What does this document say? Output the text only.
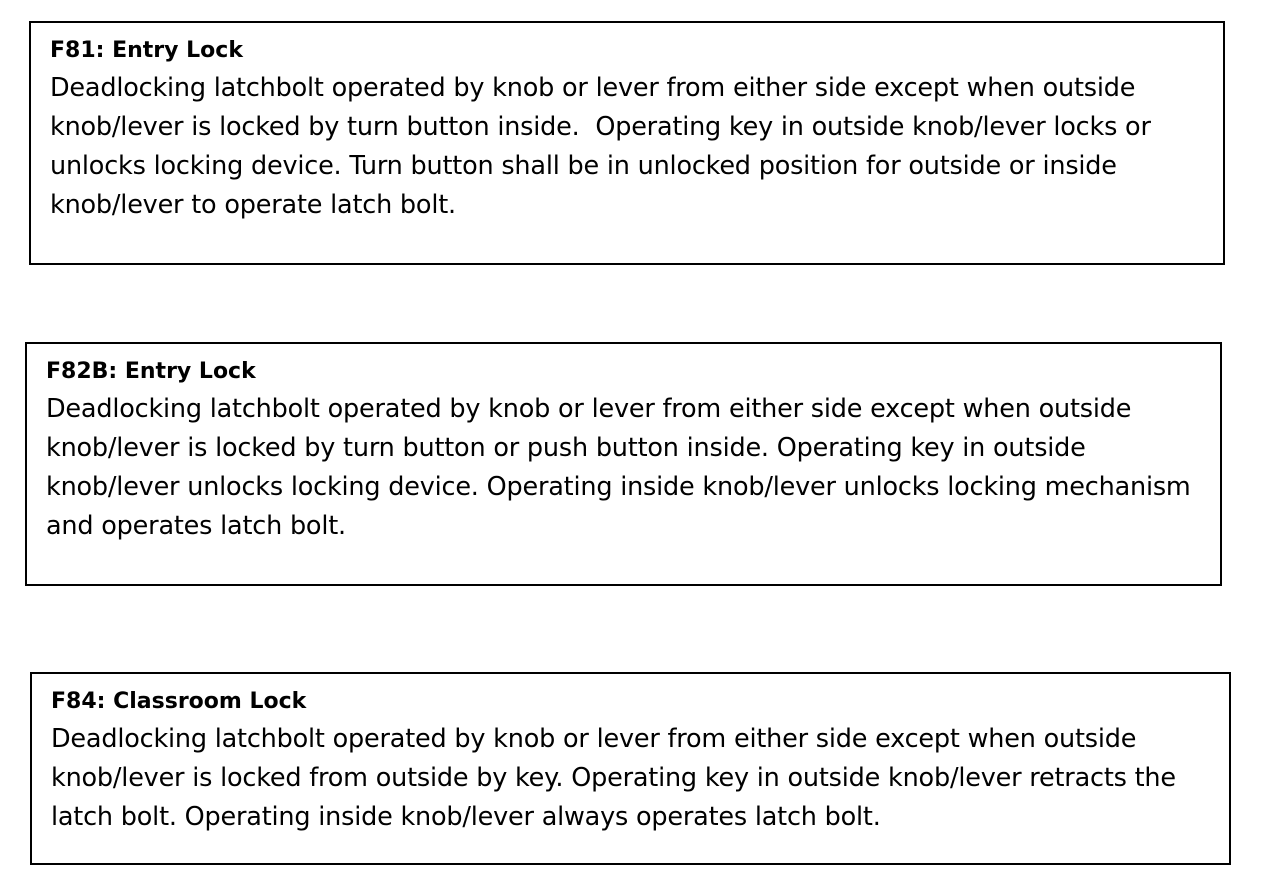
F81: Entry Lock

Deadlocking latchbolt operated by knob or lever from either side except when outside knob/lever is locked by turn button inside.  Operating key in outside knob/lever locks or unlocks locking device. Turn button shall be in unlocked position for outside or inside knob/lever to operate latch bolt.

F82B: Entry Lock

Deadlocking latchbolt operated by knob or lever from either side except when outside knob/lever is locked by turn button or push button inside. Operating key in outside knob/lever unlocks locking device. Operating inside knob/lever unlocks locking mechanism and operates latch bolt.

F84: Classroom Lock

Deadlocking latchbolt operated by knob or lever from either side except when outside knob/lever is locked from outside by key. Operating key in outside knob/lever retracts the latch bolt. Operating inside knob/lever always operates latch bolt.
